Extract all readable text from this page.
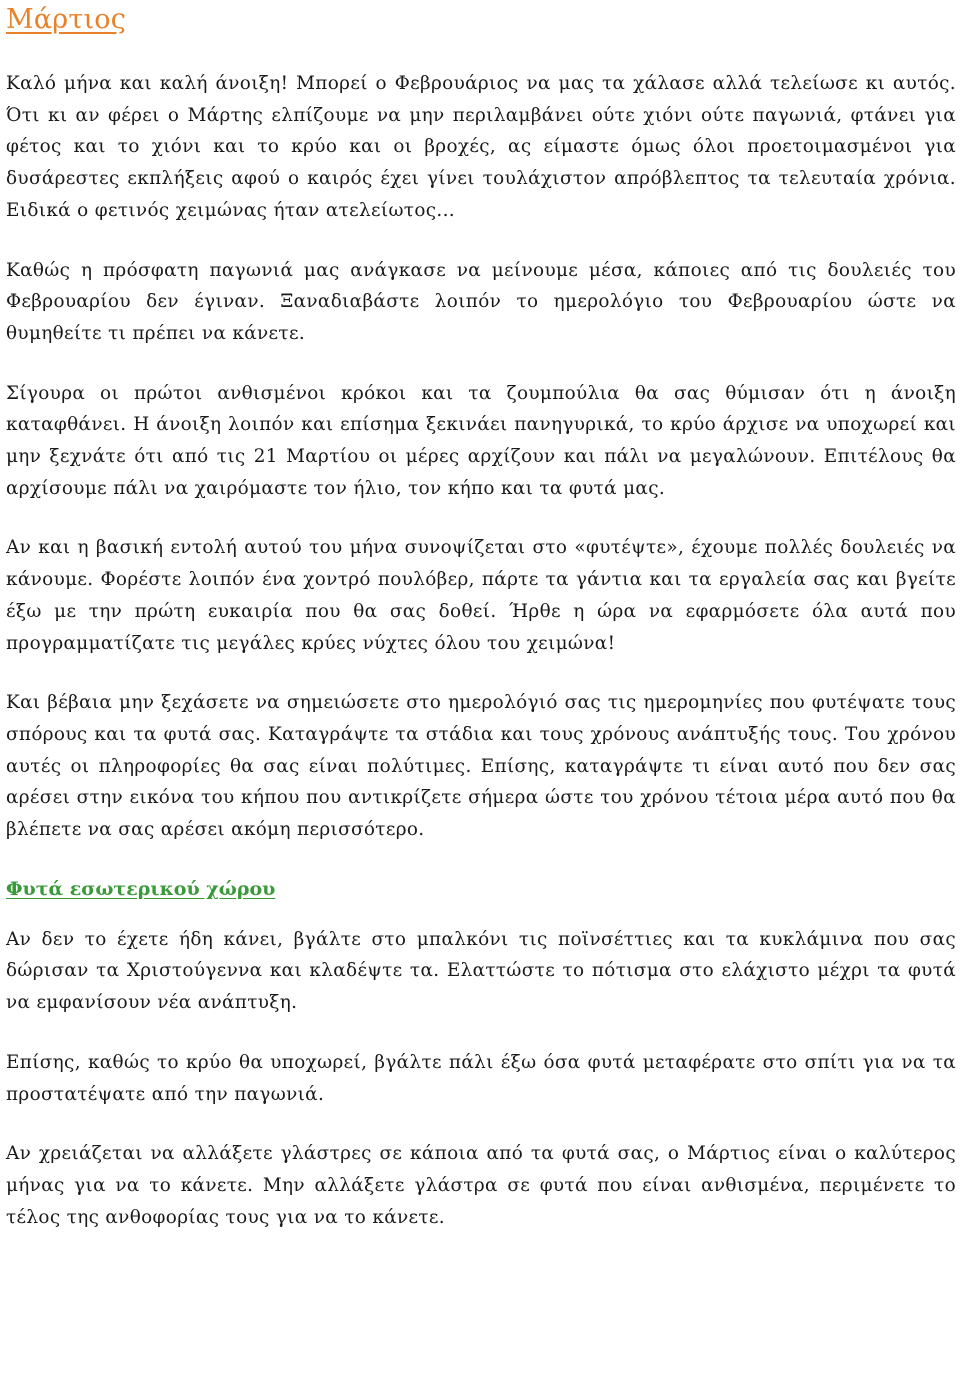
Μάρτιος

Καλό μήνα και καλή άνοιξη! Μπορεί ο Φεβρουάριος να μας τα χάλασε αλλά τελείωσε κι αυτός. Ότι κι αν φέρει ο Μάρτης ελπίζουμε να μην περιλαμβάνει ούτε χιόνι ούτε παγωνιά, φτάνει για φέτος και το χιόνι και το κρύο και οι βροχές, ας είμαστε όμως όλοι προετοιμασμένοι για δυσάρεστες εκπλήξεις αφού ο καιρός έχει γίνει τουλάχιστον απρόβλεπτος τα τελευταία χρόνια. Ειδικά ο φετινός χειμώνας ήταν ατελείωτος...

Καθώς η πρόσφατη παγωνιά μας ανάγκασε να μείνουμε μέσα, κάποιες από τις δουλειές του Φεβρουαρίου δεν έγιναν. Ξαναδιαβάστε λοιπόν το ημερολόγιο του Φεβρουαρίου ώστε να θυμηθείτε τι πρέπει να κάνετε.

Σίγουρα οι πρώτοι ανθισμένοι κρόκοι και τα ζουμπούλια θα σας θύμισαν ότι η άνοιξη καταφθάνει. Η άνοιξη λοιπόν και επίσημα ξεκινάει πανηγυρικά, το κρύο άρχισε να υποχωρεί και μην ξεχνάτε ότι από τις 21 Μαρτίου οι μέρες αρχίζουν και πάλι να μεγαλώνουν. Επιτέλους θα αρχίσουμε πάλι να χαιρόμαστε τον ήλιο, τον κήπο και τα φυτά μας.

Αν και η βασική εντολή αυτού του μήνα συνοψίζεται στο «φυτέψτε», έχουμε πολλές δουλειές να κάνουμε. Φορέστε λοιπόν ένα χοντρό πουλόβερ, πάρτε τα γάντια και τα εργαλεία σας και βγείτε έξω με την πρώτη ευκαιρία που θα σας δοθεί. Ήρθε η ώρα να εφαρμόσετε όλα αυτά που προγραμματίζατε τις μεγάλες κρύες νύχτες όλου του χειμώνα!

Και βέβαια μην ξεχάσετε να σημειώσετε στο ημερολόγιό σας τις ημερομηνίες που φυτέψατε τους σπόρους και τα φυτά σας. Καταγράψτε τα στάδια και τους χρόνους ανάπτυξής τους. Του χρόνου αυτές οι πληροφορίες θα σας είναι πολύτιμες. Επίσης, καταγράψτε τι είναι αυτό που δεν σας αρέσει στην εικόνα του κήπου που αντικρίζετε σήμερα ώστε του χρόνου τέτοια μέρα αυτό που θα βλέπετε να σας αρέσει ακόμη περισσότερο.

Φυτά εσωτερικού χώρου

Αν δεν το έχετε ήδη κάνει, βγάλτε στο μπαλκόνι τις ποϊνσέττιες και τα κυκλάμινα που σας δώρισαν τα Χριστούγεννα και κλαδέψτε τα. Ελαττώστε το πότισμα στο ελάχιστο μέχρι τα φυτά να εμφανίσουν νέα ανάπτυξη.

Επίσης, καθώς το κρύο θα υποχωρεί, βγάλτε πάλι έξω όσα φυτά μεταφέρατε στο σπίτι για να τα προστατέψατε από την παγωνιά.

Αν χρειάζεται να αλλάξετε γλάστρες σε κάποια από τα φυτά σας, ο Μάρτιος είναι ο καλύτερος μήνας για να το κάνετε. Μην αλλάξετε γλάστρα σε φυτά που είναι ανθισμένα, περιμένετε το τέλος της ανθοφορίας τους για να το κάνετε.
